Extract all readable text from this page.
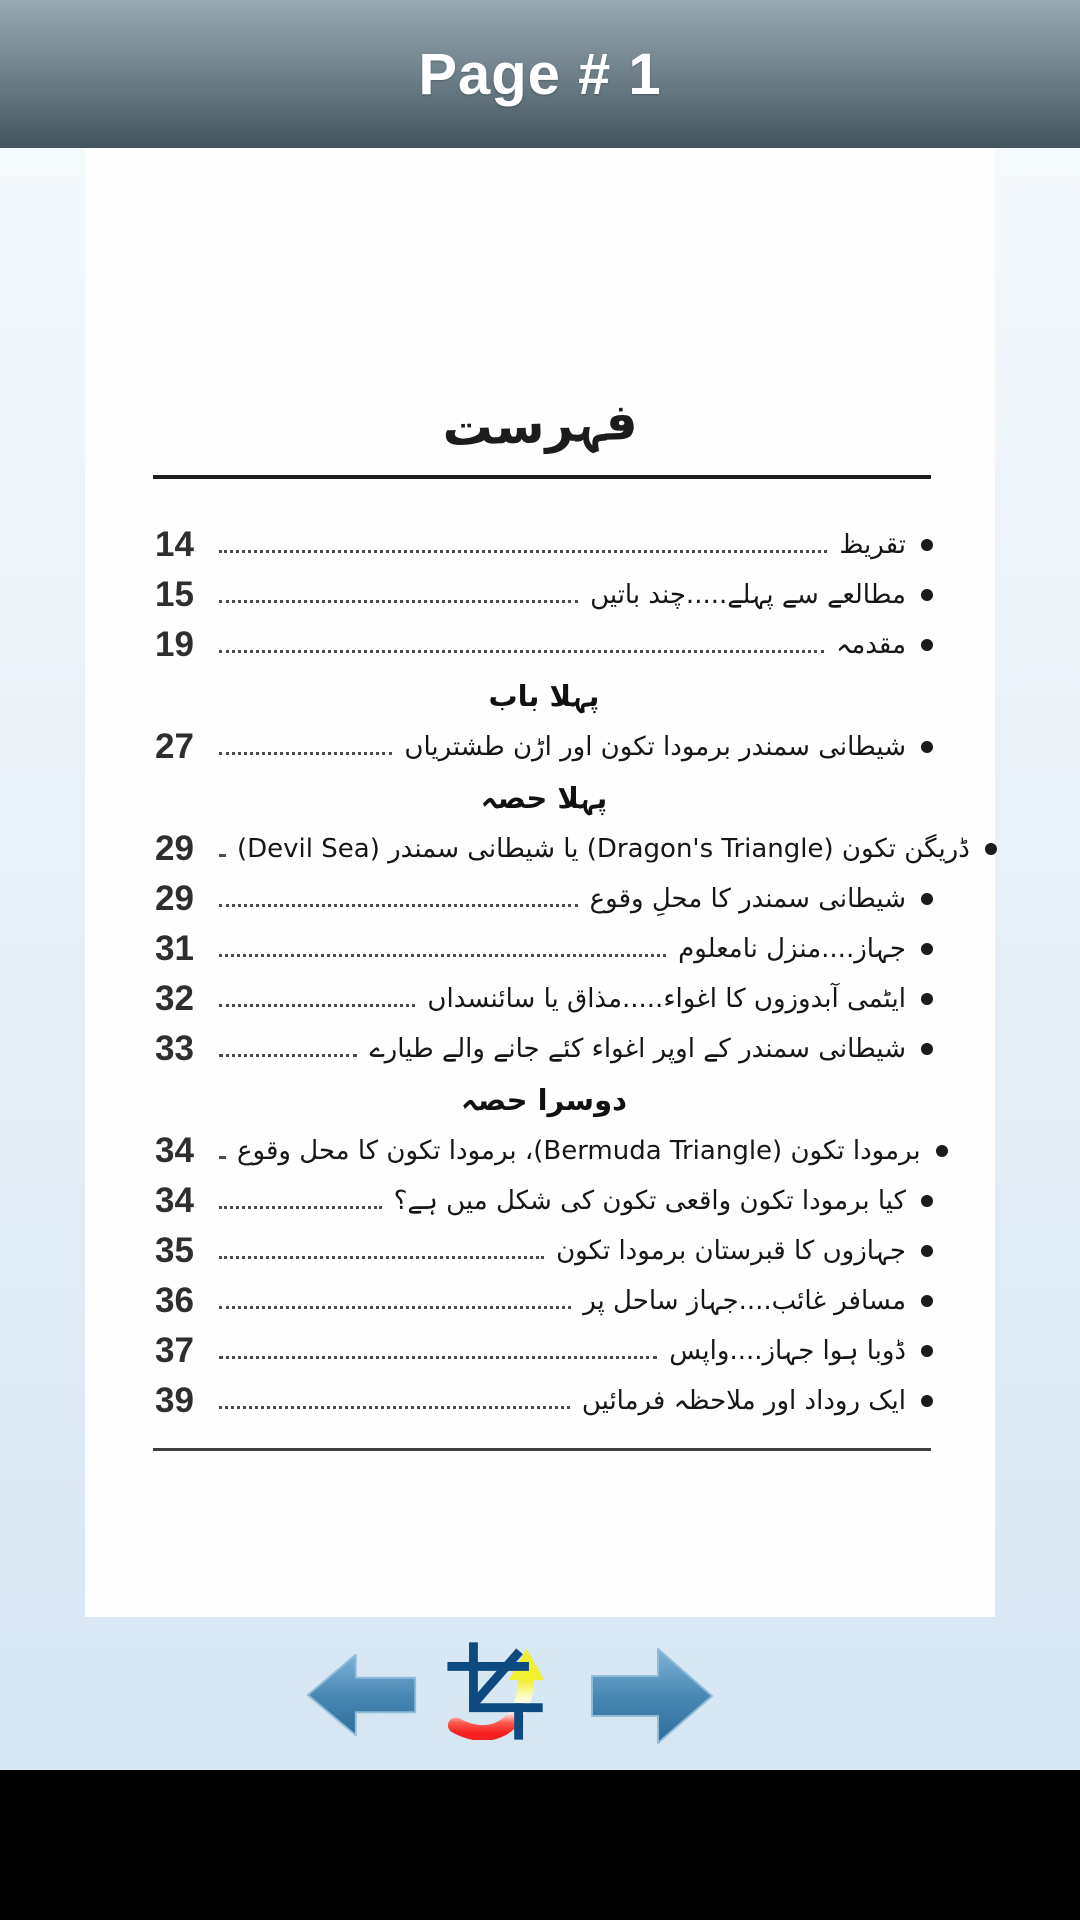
Page # 1
فہرست
14	تقریظ
15	مطالعے سے پہلے.....چند باتیں
19	مقدمہ
پہلا باب
27	شیطانی سمندر برمودا تکون اور اڑن طشتریاں
پہلا حصہ
29	ڈریگن تکون (Dragon's Triangle) یا شیطانی سمندر (Devil Sea)
29	شیطانی سمندر کا محلِ وقوع
31	جہاز....منزل نامعلوم
32	ایٹمی آبدوزوں کا اغواء.....مذاق یا سائنسداں
33	شیطانی سمندر کے اوپر اغواء کئے جانے والے طیارے
دوسرا حصہ
34	برمودا تکون (Bermuda Triangle)، برمودا تکون کا محل وقوع
34	کیا برمودا تکون واقعی تکون کی شکل میں ہے؟
35	جہازوں کا قبرستان برمودا تکون
36	مسافر غائب....جہاز ساحل پر
37	ڈوبا ہوا جہاز....واپس
39	ایک روداد اور ملاحظہ فرمائیں
